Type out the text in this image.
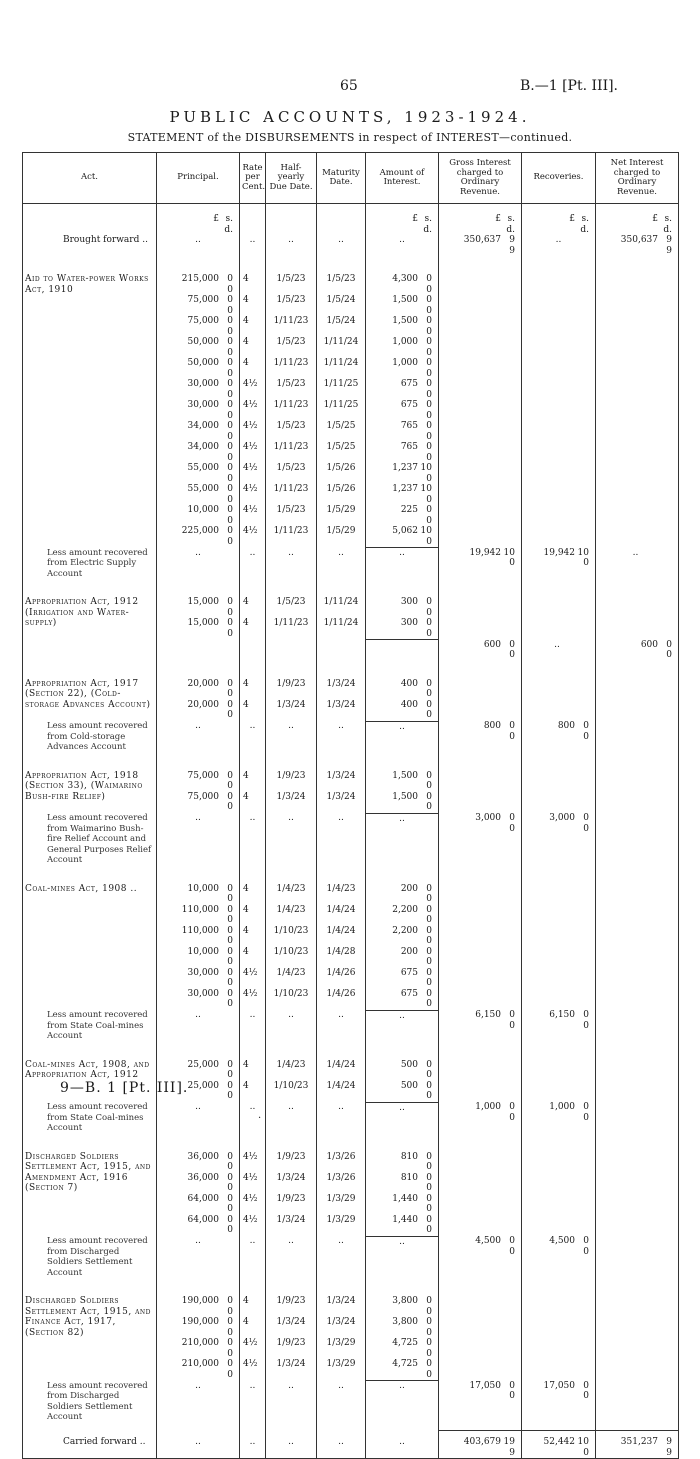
65	B.—1 [Pt. III].
PUBLIC ACCOUNTS, 1923-1924.
STATEMENT of the DISBURSEMENTS in respect of INTEREST—continued.
Act.	Principal.	Rate per Cent.	Half-yearly Due Date.	Maturity Date.	Amount of Interest.	Gross Interest charged to Ordinary Revenue.	Recoveries.	Net Interest charged to Ordinary Revenue.
	£ s.d.				£ s.d.	£ s.d.	£ s.d.	£ s.d.
Brought forward ..	..	..	..	..	..	350,637 99	..	350,637 99
Aid to Water-power Works Act, 1910	215,000 00	4	1/5/23	1/5/23	4,300 00			
	75,000 00	4	1/5/23	1/5/24	1,500 00			
	75,000 00	4	1/11/23	1/5/24	1,500 00			
	50,000 00	4	1/5/23	1/11/24	1,000 00			
	50,000 00	4	1/11/23	1/11/24	1,000 00			
	30,000 00	4½	1/5/23	1/11/25	675 00			
	30,000 00	4½	1/11/23	1/11/25	675 00			
	34,000 00	4½	1/5/23	1/5/25	765 00			
	34,000 00	4½	1/11/23	1/5/25	765 00			
	55,000 00	4½	1/5/23	1/5/26	1,237 100			
	55,000 00	4½	1/11/23	1/5/26	1,237 100			
	10,000 00	4½	1/5/23	1/5/29	225 00			
	225,000 00	4½	1/11/23	1/5/29	5,062 100			
Less amount recovered from Electric Supply Account	..	..	..	..	..	19,942 100	19,942 100	..
Appropriation Act, 1912 (Irrigation and Water-supply)	15,000 00	4	1/5/23	1/11/24	300 00			
	15,000 00	4	1/11/23	1/11/24	300 00			
						600 00	..	600 00
Appropriation Act, 1917 (Section 22), (Cold-storage Advances Account)	20,000 00	4	1/9/23	1/3/24	400 00			
	20,000 00	4	1/3/24	1/3/24	400 00			
Less amount recovered from Cold-storage Advances Account	..	..	..	..	..	800 00	800 00	
Appropriation Act, 1918 (Section 33), (Waimarino Bush-fire Relief)	75,000 00	4	1/9/23	1/3/24	1,500 00			
	75,000 00	4	1/3/24	1/3/24	1,500 00			
Less amount recovered from Waimarino Bush-fire Relief Account and General Purposes Relief Account	..	..	..	..	..	3,000 00	3,000 00	
Coal-mines Act, 1908 ..	10,000 00	4	1/4/23	1/4/23	200 00			
	110,000 00	4	1/4/23	1/4/24	2,200 00			
	110,000 00	4	1/10/23	1/4/24	2,200 00			
	10,000 00	4	1/10/23	1/4/28	200 00			
	30,000 00	4½	1/4/23	1/4/26	675 00			
	30,000 00	4½	1/10/23	1/4/26	675 00			
Less amount recovered from State Coal-mines Account	..	..	..	..	..	6,150 00	6,150 00	
Coal-mines Act, 1908, and Appropriation Act, 1912	25,000 00	4	1/4/23	1/4/24	500 00			
	25,000 00	4	1/10/23	1/4/24	500 00			
Less amount recovered from State Coal-mines Account	..	..	..	..	..	1,000 00	1,000 00	
Discharged Soldiers Settlement Act, 1915, and Amendment Act, 1916 (Section 7)	36,000 00	4½	1/9/23	1/3/26	810 00			
	36,000 00	4½	1/3/24	1/3/26	810 00			
	64,000 00	4½	1/9/23	1/3/29	1,440 00			
	64,000 00	4½	1/3/24	1/3/29	1,440 00			
Less amount recovered from Discharged Soldiers Settlement Account	..	..	..	..	..	4,500 00	4,500 00	
Discharged Soldiers Settlement Act, 1915, and Finance Act, 1917, (Section 82)	190,000 00	4	1/9/23	1/3/24	3,800 00			
	190,000 00	4	1/3/24	1/3/24	3,800 00			
	210,000 00	4½	1/9/23	1/3/29	4,725 00			
	210,000 00	4½	1/3/24	1/3/29	4,725 00			
Less amount recovered from Discharged Soldiers Settlement Account	..	..	..	..	..	17,050 00	17,050 00	
Carried forward ..	..	..	..	..	..	403,679 199	52,442 100	351,237 99
9—B. 1 [Pt. III].
.
